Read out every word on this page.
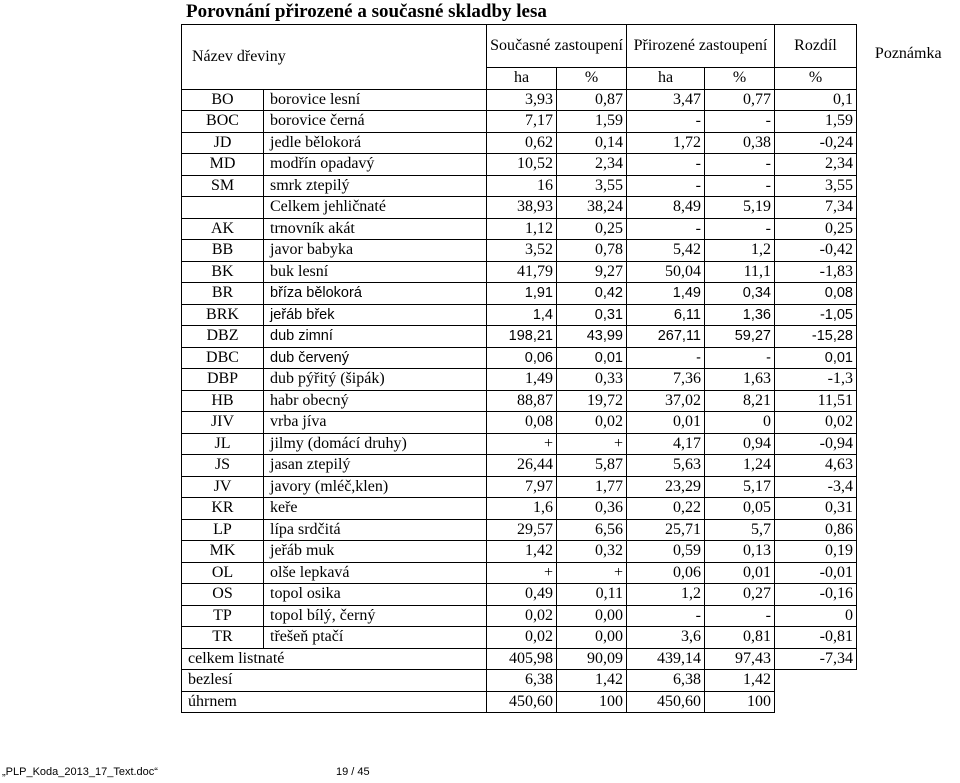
Porovnání přirozené a současné skladby lesa
Název dřeviny		Současné zastoupení		Přirozené zastoupení		Rozdíl	Poznámka
		ha	%	ha	%	%	
BO	borovice lesní	3,93	0,87	3,47	0,77	0,1	
BOC	borovice černá	7,17	1,59	-	-	1,59	
JD	jedle bělokorá	0,62	0,14	1,72	0,38	-0,24	
MD	modřín opadavý	10,52	2,34	-	-	2,34	
SM	smrk ztepilý	16	3,55	-	-	3,55	
	Celkem jehličnaté	38,93	38,24	8,49	5,19	7,34	
AK	trnovník akát	1,12	0,25	-	-	0,25	
BB	javor babyka	3,52	0,78	5,42	1,2	-0,42	
BK	buk lesní	41,79	9,27	50,04	11,1	-1,83	
BR	bříza bělokorá	1,91	0,42	1,49	0,34	0,08	
BRK	jeřáb břek	1,4	0,31	6,11	1,36	-1,05	
DBZ	dub zimní	198,21	43,99	267,11	59,27	-15,28	
DBC	dub červený	0,06	0,01	-	-	0,01	
DBP	dub pýřitý (šipák)	1,49	0,33	7,36	1,63	-1,3	
HB	habr obecný	88,87	19,72	37,02	8,21	11,51	
JIV	vrba jíva	0,08	0,02	0,01	0	0,02	
JL	jilmy (domácí druhy)	+	+	4,17	0,94	-0,94	
JS	jasan ztepilý	26,44	5,87	5,63	1,24	4,63	
JV	javory (mléč,klen)	7,97	1,77	23,29	5,17	-3,4	
KR	keře	1,6	0,36	0,22	0,05	0,31	
LP	lípa srdčitá	29,57	6,56	25,71	5,7	0,86	
MK	jeřáb muk	1,42	0,32	0,59	0,13	0,19	
OL	olše lepkavá	+	+	0,06	0,01	-0,01	
OS	topol osika	0,49	0,11	1,2	0,27	-0,16	
TP	topol bílý, černý	0,02	0,00	-	-	0	
TR	třešeň ptačí	0,02	0,00	3,6	0,81	-0,81	
celkem listnaté		405,98	90,09	439,14	97,43	-7,34	
bezlesí		6,38	1,42	6,38	1,42		
úhrnem		450,60	100	450,60	100		
„PLP_Koda_2013_17_Text.doc“	19 / 45
